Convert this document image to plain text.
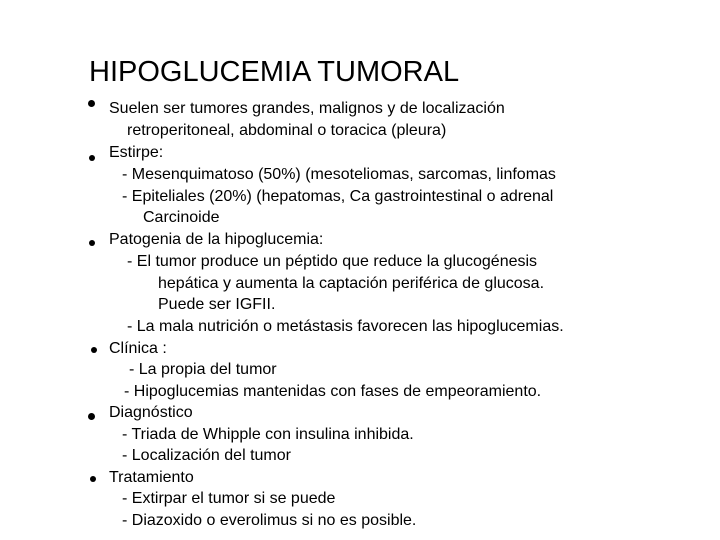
HIPOGLUCEMIA TUMORAL
Suelen ser tumores grandes, malignos y de localización
retroperitoneal, abdominal o toracica (pleura)
Estirpe:
- Mesenquimatoso (50%) (mesoteliomas, sarcomas, linfomas
- Epiteliales (20%) (hepatomas, Ca gastrointestinal o adrenal
Carcinoide
Patogenia de la hipoglucemia:
- El tumor produce un péptido que reduce la glucogénesis
hepática y aumenta la captación periférica de glucosa.
Puede ser IGFII.
- La mala nutrición o metástasis favorecen las hipoglucemias.
Clínica :
- La propia del tumor
- Hipoglucemias mantenidas con fases de empeoramiento.
Diagnóstico
- Triada de Whipple con insulina inhibida.
- Localización del tumor
Tratamiento
- Extirpar el tumor si se puede
- Diazoxido o everolimus si no es posible.
